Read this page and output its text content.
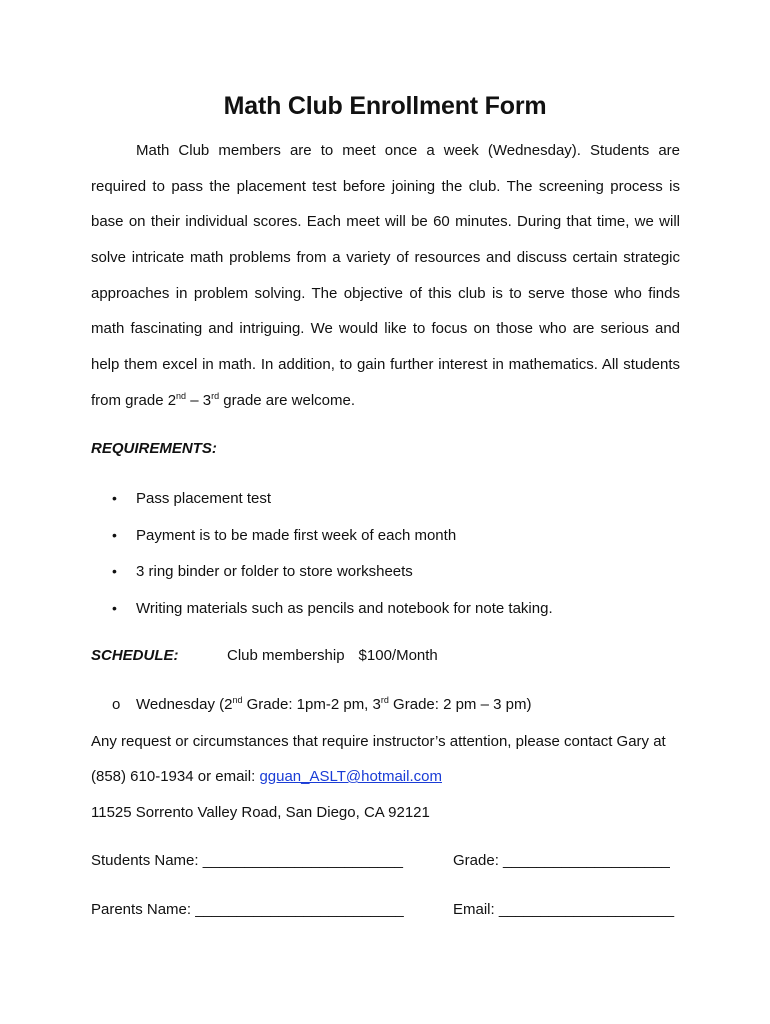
Math Club Enrollment Form
Math Club members are to meet once a week (Wednesday). Students are
required to pass the placement test before joining the club. The screening process is
base on their individual scores. Each meet will be 60 minutes. During that time, we will
solve intricate math problems from a variety of resources and discuss certain strategic
approaches in problem solving. The objective of this club is to serve those who finds
math fascinating and intriguing. We would like to focus on those who are serious and
help them excel in math. In addition, to gain further interest in mathematics. All students
from grade 2nd – 3rd grade are welcome.
REQUIREMENTS:
• Pass placement test
• Payment is to be made first week of each month
• 3 ring binder or folder to store worksheets
• Writing materials such as pencils and notebook for note taking.
SCHEDULE:	Club membership $100/Month
o Wednesday (2nd Grade: 1pm-2 pm, 3rd Grade: 2 pm – 3 pm)
Any request or circumstances that require instructor’s attention, please contact Gary at
(858) 610-1934 or email: gguan_ASLT@hotmail.com
11525 Sorrento Valley Road, San Diego, CA 92121
Students Name: ________________________	Grade: ____________________
Parents Name: _________________________	Email: _____________________
